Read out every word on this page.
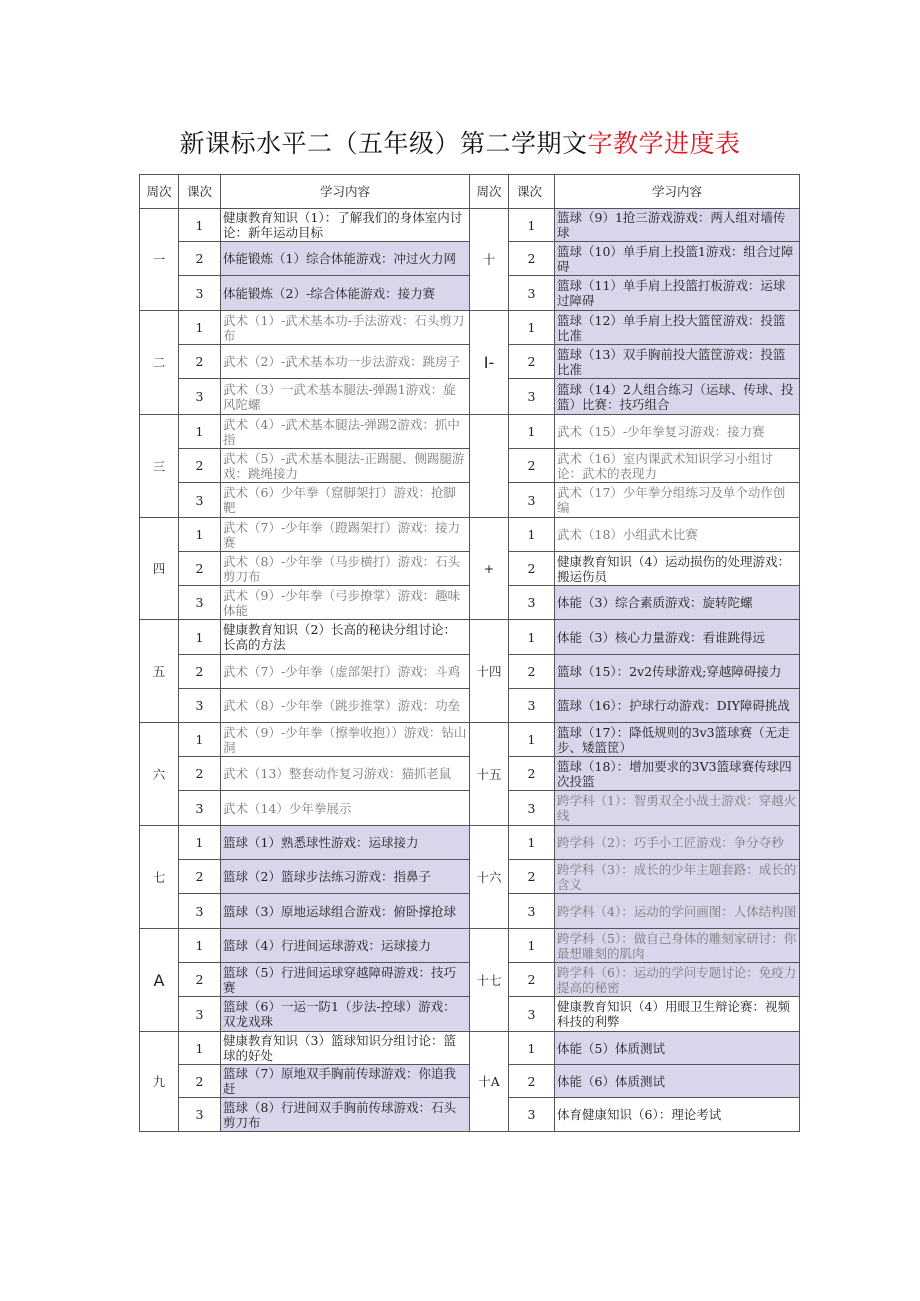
新课标水平二（五年级）第二学期文字教学进度表
周次	课次	学习内容	周次	课次	学习内容
一	1	健康教育知识（1）：了解我们的身体室内讨论：新年运动目标	十	1	篮球（9）1抢三游戏游戏：两人组对墙传球
	2	体能锻炼（1）综合体能游戏：冲过火力网		2	篮球（10）单手肩上投篮1游戏：组合过障碍
	3	体能锻炼（2）-综合体能游戏：接力赛		3	篮球（11）单手肩上投篮打板游戏：运球过障碍
二	1	武术（1）-武术基本功-手法游戏：石头剪刀布	I-	1	篮球（12）单手肩上投大篮筐游戏：投篮比准
	2	武术（2）-武术基本功一步法游戏：跳房子		2	篮球（13）双手胸前投大篮筐游戏：投篮比准
	3	武术（3）一武术基本腿法-弹踢1游戏：旋风陀螺		3	篮球（14）2人组合练习（运球、传球、投篮）比赛：技巧组合
三	1	武术（4）-武术基本腿法-弹踢2游戏：抓中指		1	武术（15）-少年拳复习游戏：接力赛
	2	武术（5）-武术基本腿法-正踢腿、侧踢腿游戏：跳绳接力		2	武术（16）室内课武术知识学习小组讨论：武术的表现力
	3	武术（6）少年拳（窟脚架打）游戏：抢脚靶		3	武术（17）少年拳分组练习及单个动作创编
四	1	武术（7）-少年拳（蹬踢架打）游戏：接力赛	+	1	武术（18）小组武术比赛
	2	武术（8）-少年拳（马步横打）游戏：石头剪刀布		2	健康教育知识（4）运动损伤的处理游戏：搬运伤员
	3	武术（9）-少年拳（弓步撩掌）游戏：趣味体能		3	体能（3）综合素质游戏：旋转陀螺
五	1	健康教育知识（2）长高的秘诀分组讨论：长高的方法	十四	1	体能（3）核心力量游戏：看谁跳得远
	2	武术（7）-少年拳（虚部架打）游戏：斗鸡		2	篮球（15）：2v2传球游戏;穿越障碍接力
	3	武术（8）-少年拳（跳步推掌）游戏：功垒		3	篮球（16）：护球行动游戏：DIY障碍挑战
六	1	武术（9）-少年拳（擦拳收抱））游戏：钻山洞	十五	1	篮球（17）：降低规则的3v3篮球赛（无走步、矮篮筐）
	2	武术（13）整套动作复习游戏：猫抓老鼠		2	篮球（18）：增加要求的3V3篮球赛传球四次投篮
	3	武术（14）少年拳展示		3	跨学科（1）：智勇双全小战士游戏：穿越火线
七	1	篮球（1）熟悉球性游戏：运球接力	十六	1	跨学科（2）：巧手小工匠游戏：争分夺秒
	2	篮球（2）篮球步法练习游戏：指鼻子		2	跨学科（3）：成长的少年主题套路：成长的含义
	3	篮球（3）原地运球组合游戏：俯卧撑抢球		3	跨学科（4）：运动的学问画图：人体结构图
A	1	篮球（4）行进间运球游戏：运球接力	十七	1	跨学科（5）：做自己身体的雕刻家研讨：你最想雕刻的肌肉
	2	篮球（5）行进间运球穿越障碍游戏：技巧赛		2	跨学科（6）：运动的学问专题讨论：免疫力提高的秘密
	3	篮球（6）一运一防1（步法-控球）游戏：双龙戏珠		3	健康教育知识（4）用眼卫生辩论赛：视频科技的利弊
九	1	健康教育知识（3）篮球知识分组讨论：篮球的好处	十A	1	体能（5）体质测试
	2	篮球（7）原地双手胸前传球游戏：你追我赶		2	体能（6）体质测试
	3	篮球（8）行进间双手胸前传球游戏：石头剪刀布		3	体育健康知识（6）：理论考试
